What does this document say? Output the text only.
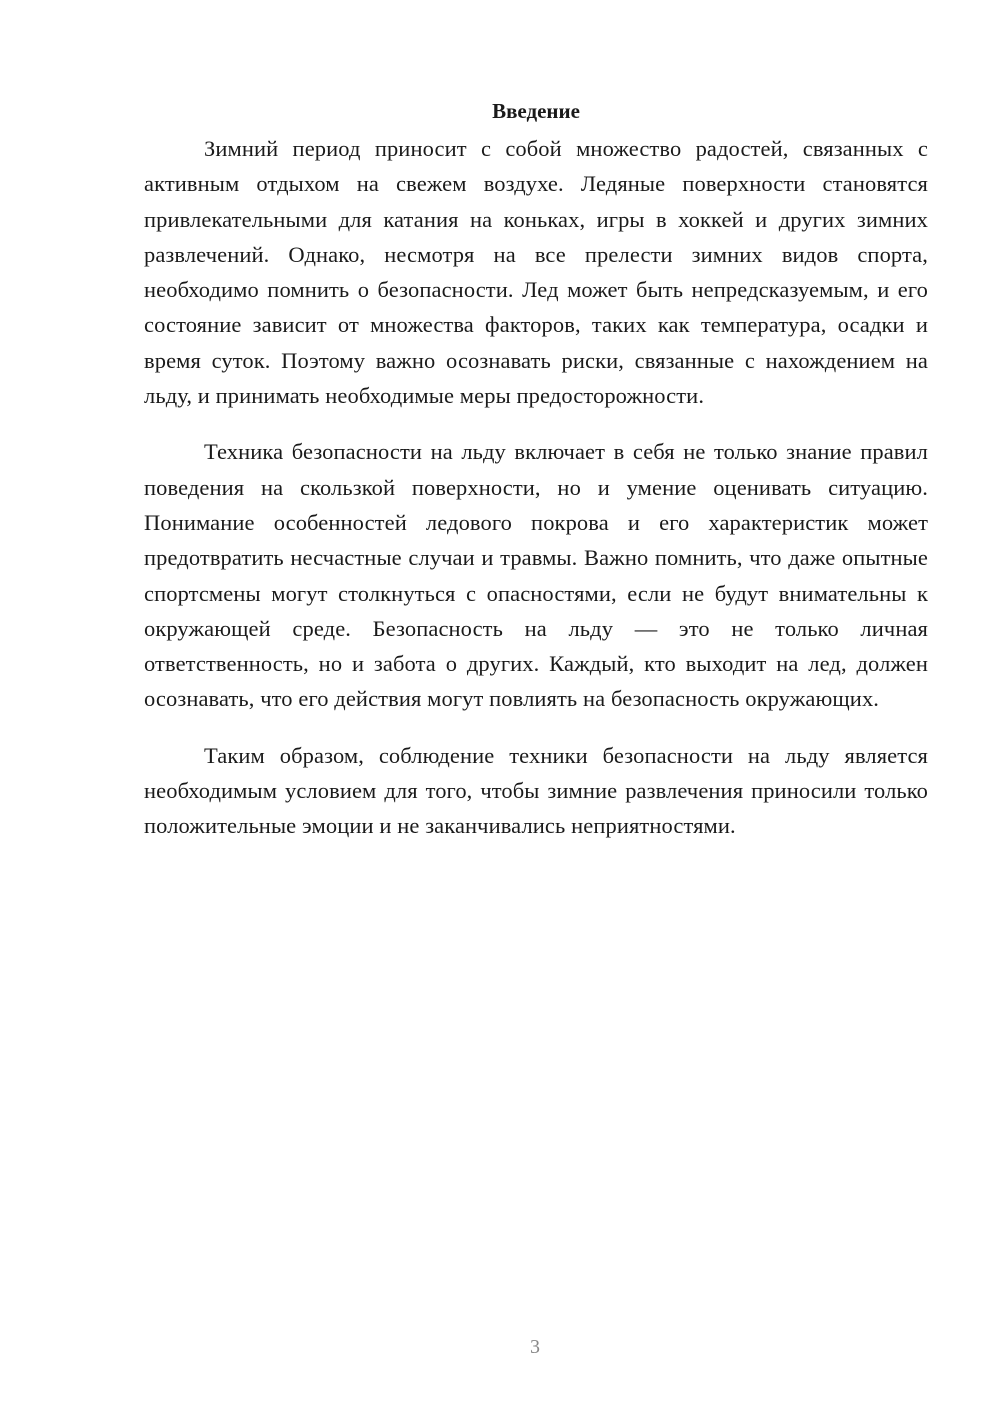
Введение

Зимний период приносит с собой множество радостей, связанных с активным отдыхом на свежем воздухе. Ледяные поверхности становятся привлекательными для катания на коньках, игры в хоккей и других зимних развлечений. Однако, несмотря на все прелести зимних видов спорта, необходимо помнить о безопасности. Лед может быть непредсказуемым, и его состояние зависит от множества факторов, таких как температура, осадки и время суток. Поэтому важно осознавать риски, связанные с нахождением на льду, и принимать необходимые меры предосторожности.

Техника безопасности на льду включает в себя не только знание правил поведения на скользкой поверхности, но и умение оценивать ситуацию. Понимание особенностей ледового покрова и его характеристик может предотвратить несчастные случаи и травмы. Важно помнить, что даже опытные спортсмены могут столкнуться с опасностями, если не будут внимательны к окружающей среде. Безопасность на льду — это не только личная ответственность, но и забота о других. Каждый, кто выходит на лед, должен осознавать, что его действия могут повлиять на безопасность окружающих.

Таким образом, соблюдение техники безопасности на льду является необходимым условием для того, чтобы зимние развлечения приносили только положительные эмоции и не заканчивались неприятностями.

3
